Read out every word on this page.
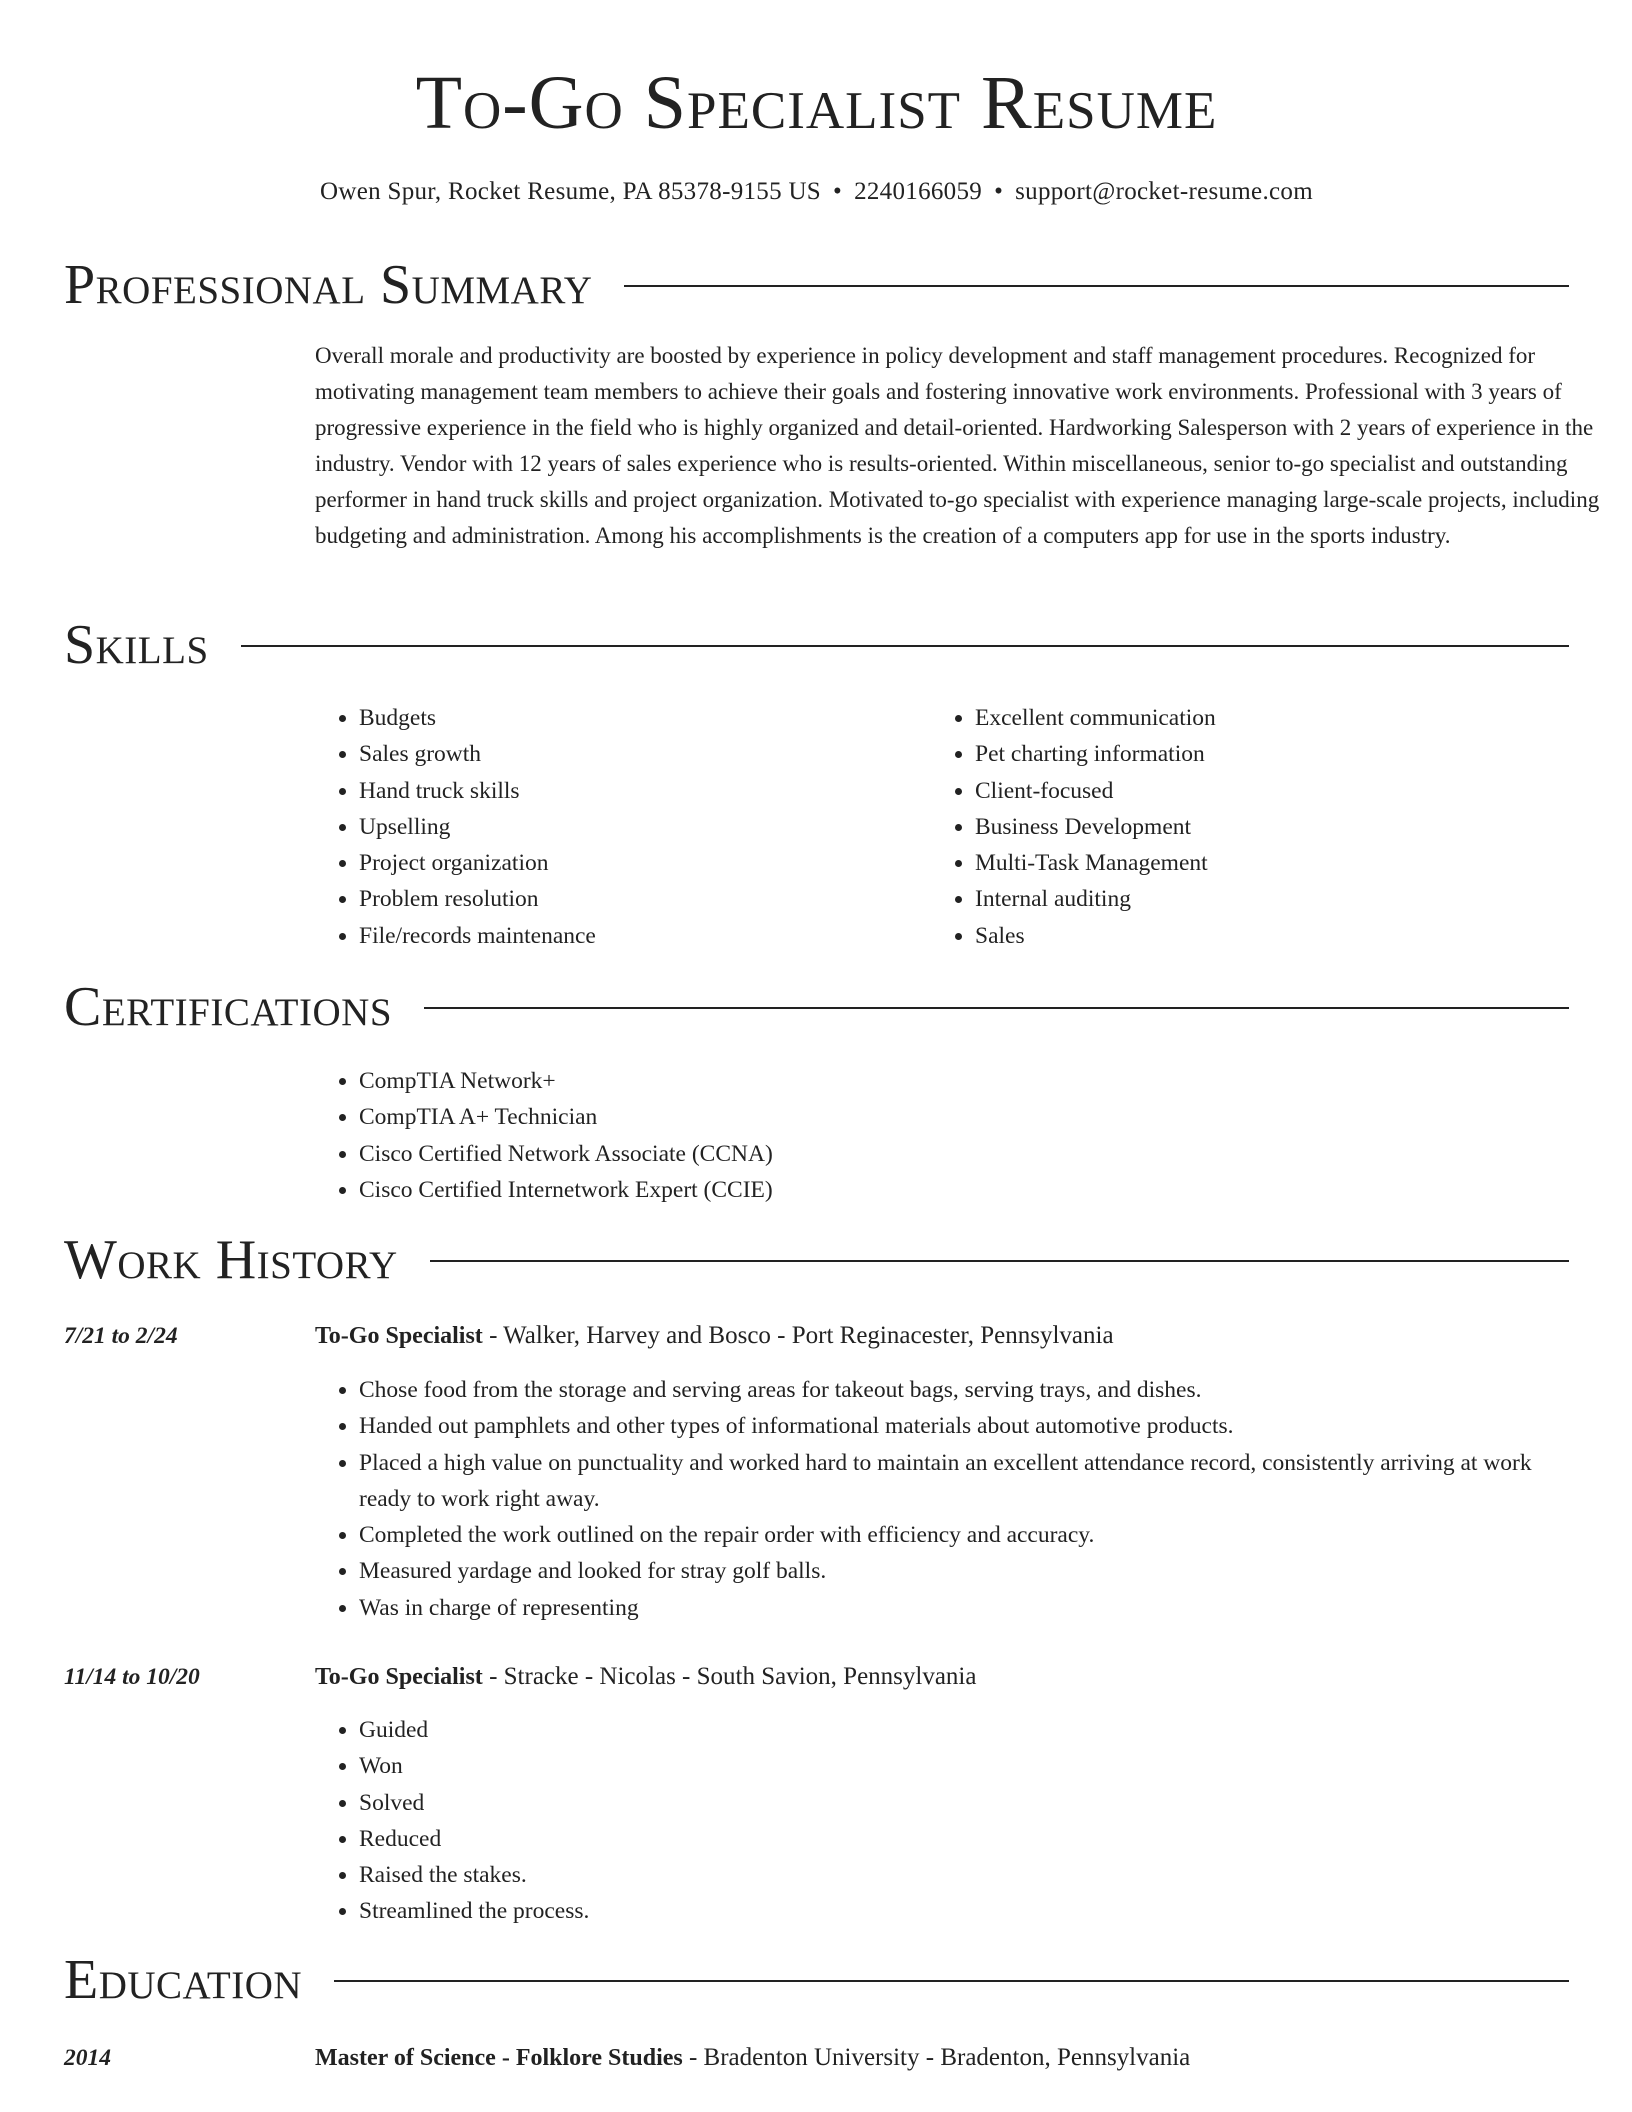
To-Go Specialist Resume
Owen Spur, Rocket Resume, PA 85378-9155 US • 2240166059 • support@rocket-resume.com
Professional Summary

Overall morale and productivity are boosted by experience in policy development and staff management procedures. Recognized for motivating management team members to achieve their goals and fostering innovative work environments. Professional with 3 years of progressive experience in the field who is highly organized and detail-oriented. Hardworking Salesperson with 2 years of experience in the industry. Vendor with 12 years of sales experience who is results-oriented. Within miscellaneous, senior to-go specialist and outstanding performer in hand truck skills and project organization. Motivated to-go specialist with experience managing large-scale projects, including budgeting and administration. Among his accomplishments is the creation of a computers app for use in the sports industry.

Skills
• Budgets
• Sales growth
• Hand truck skills
• Upselling
• Project organization
• Problem resolution
• File/records maintenance
• Excellent communication
• Pet charting information
• Client-focused
• Business Development
• Multi-Task Management
• Internal auditing
• Sales
Certifications
• CompTIA Network+
• CompTIA A+ Technician
• Cisco Certified Network Associate (CCNA)
• Cisco Certified Internetwork Expert (CCIE)
Work History
7/21 to 2/24	To-Go Specialist - Walker, Harvey and Bosco - Port Reginacester, Pennsylvania
• Chose food from the storage and serving areas for takeout bags, serving trays, and dishes.
• Handed out pamphlets and other types of informational materials about automotive products.
• Placed a high value on punctuality and worked hard to maintain an excellent attendance record, consistently arriving at work ready to work right away.
• Completed the work outlined on the repair order with efficiency and accuracy.
• Measured yardage and looked for stray golf balls.
• Was in charge of representing
11/14 to 10/20	To-Go Specialist - Stracke - Nicolas - South Savion, Pennsylvania
• Guided
• Won
• Solved
• Reduced
• Raised the stakes.
• Streamlined the process.
Education
2014	Master of Science - Folklore Studies - Bradenton University - Bradenton, Pennsylvania
